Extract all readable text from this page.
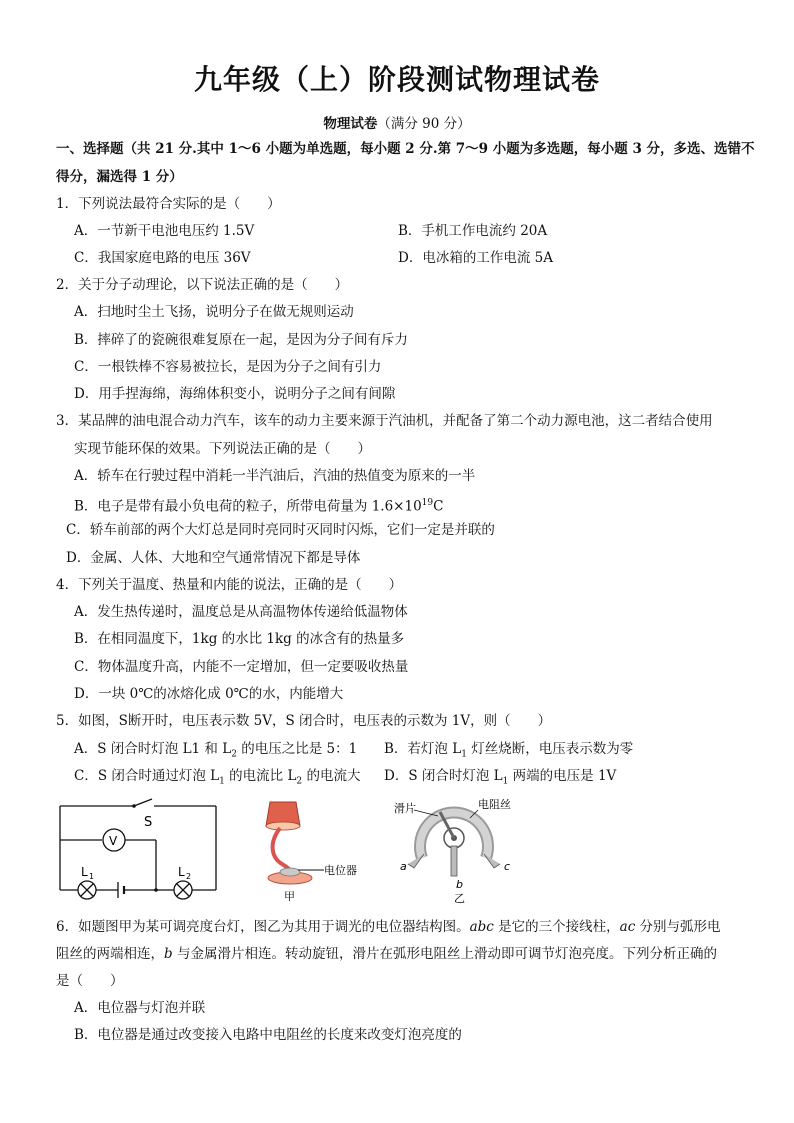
九年级（上）阶段测试物理试卷
物理试卷（满分 90 分）
一、选择题（共 21 分.其中 1～6 小题为单选题，每小题 2 分.第 7～9 小题为多选题，每小题 3 分，多选、选错不
得分，漏选得 1 分）
1．下列说法最符合实际的是（　　）
A．一节新干电池电压约 1.5V	B．手机工作电流约 20A
C．我国家庭电路的电压 36V	D．电冰箱的工作电流 5A
2．关于分子动理论，以下说法正确的是（　　）
A．扫地时尘土飞扬，说明分子在做无规则运动
B．摔碎了的瓷碗很难复原在一起，是因为分子间有斥力
C．一根铁棒不容易被拉长，是因为分子之间有引力
D．用手捏海绵，海绵体积变小，说明分子之间有间隙
3．某品牌的油电混合动力汽车，该车的动力主要来源于汽油机，并配备了第二个动力源电池，这二者结合使用
实现节能环保的效果。下列说法正确的是（　　）
A．轿车在行驶过程中消耗一半汽油后，汽油的热值变为原来的一半
B．电子是带有最小负电荷的粒子，所带电荷量为 $1.6\times 10^{19}C$
C．轿车前部的两个大灯总是同时亮同时灭同时闪烁，它们一定是并联的
D．金属、人体、大地和空气通常情况下都是导体
4．下列关于温度、热量和内能的说法，正确的是（　　）
A．发生热传递时，温度总是从高温物体传递给低温物体
B．在相同温度下，1kg 的水比 1kg 的冰含有的热量多
C．物体温度升高，内能不一定增加，但一定要吸收热量
D．一块 0℃的冰熔化成 0℃的水，内能增大
5．如图，S断开时，电压表示数 5V，S 闭合时，电压表的示数为 1V，则（　　）
A．S 闭合时灯泡 L1 和 $L_2$ 的电压之比是 5：1 B．若灯泡 $L_1$ 灯丝烧断，电压表示数为零
C．S 闭合时通过灯泡 $L_1$ 的电流比 $L_2$ 的电流大 D．S 闭合时灯泡 $L_1$ 两端的电压是 1V
S
V
L 1	L 2	电位器
甲
滑片	电阻丝
a
b
c
乙
6．如题图甲为某可调亮度台灯，图乙为其用于调光的电位器结构图。abc 是它的三个接线柱，ac 分别与弧形电
阻丝的两端相连，b 与金属滑片相连。转动旋钮，滑片在弧形电阻丝上滑动即可调节灯泡亮度。下列分析正确的
是（　　）
A．电位器与灯泡并联
B．电位器是通过改变接入电路中电阻丝的长度来改变灯泡亮度的
